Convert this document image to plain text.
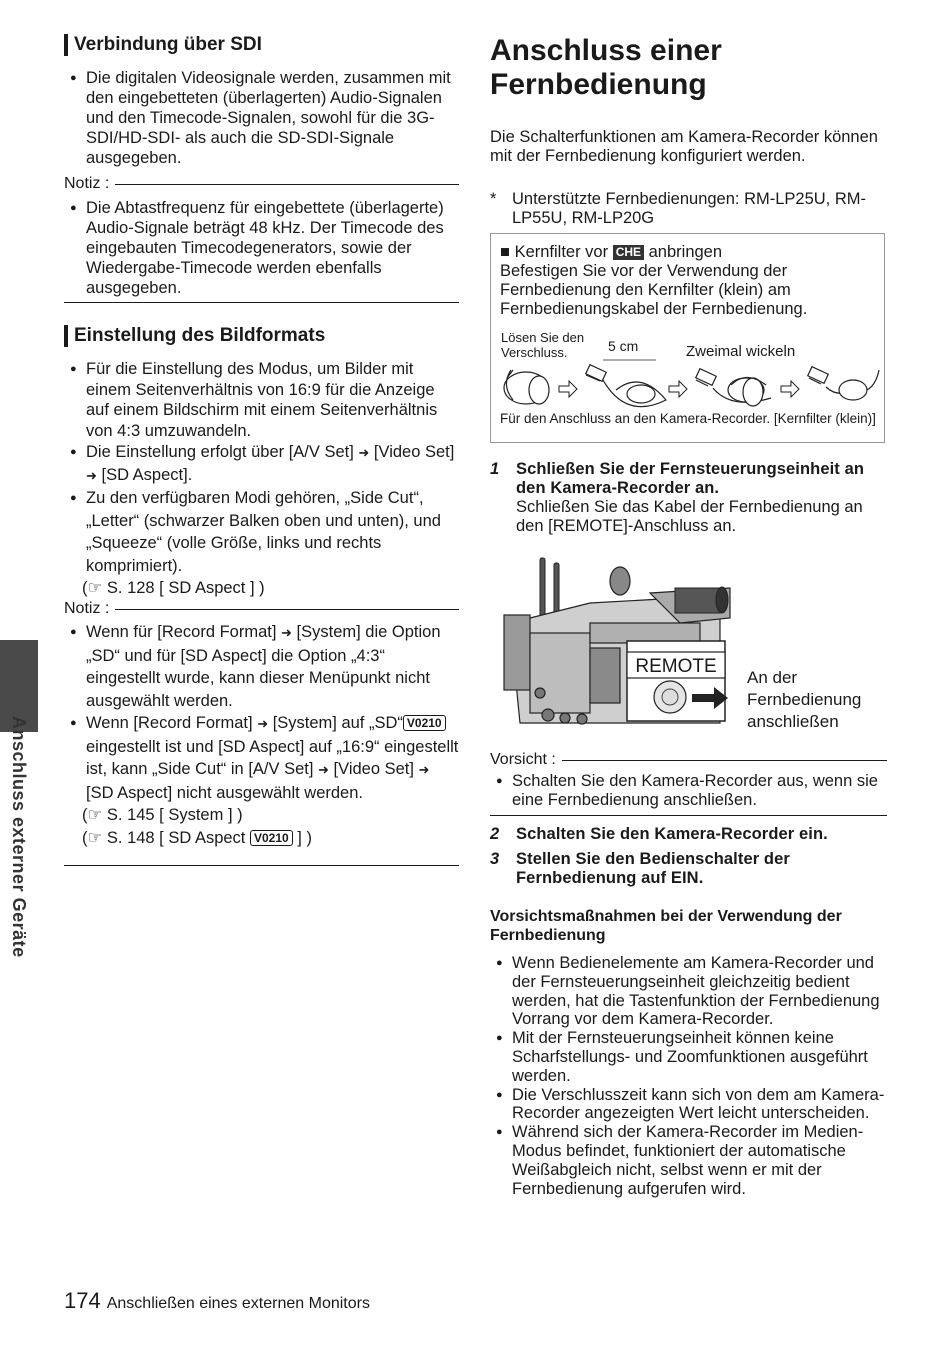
Anschluss externer Geräte
Verbindung über SDI
● Die digitalen Videosignale werden, zusammen mit den eingebetteten (überlagerten) Audio-Signalen und den Timecode-Signalen, sowohl für die 3G-SDI/HD-SDI- als auch die SD-SDI-Signale ausgegeben.
Notiz :
● Die Abtastfrequenz für eingebettete (überlagerte) Audio-Signale beträgt 48 kHz. Der Timecode des eingebauten Timecodegenerators, sowie der Wiedergabe-Timecode werden ebenfalls ausgegeben.
Einstellung des Bildformats
● Für die Einstellung des Modus, um Bilder mit einem Seitenverhältnis von 16:9 für die Anzeige auf einem Bildschirm mit einem Seitenverhältnis von 4:3 umzuwandeln.
● Die Einstellung erfolgt über [A/V Set] ➜ [Video Set] ➜ [SD Aspect].
● Zu den verfügbaren Modi gehören, „Side Cut“, „Letter“ (schwarzer Balken oben und unten), und „Squeeze“ (volle Größe, links und rechts komprimiert).
(☞ S. 128 [ SD Aspect ] )
Notiz :
● Wenn für [Record Format] ➜ [System] die Option „SD“ und für [SD Aspect] die Option „4:3“ eingestellt wurde, kann dieser Menüpunkt nicht ausgewählt werden.
● Wenn [Record Format] ➜ [System] auf „SD“ V0210 eingestellt ist und [SD Aspect] auf „16:9“ eingestellt ist, kann „Side Cut“ in [A/V Set] ➜ [Video Set] ➜ [SD Aspect] nicht ausgewählt werden.
(☞ S. 145 [ System ] )
(☞ S. 148 [ SD Aspect V0210 ] )
Anschluss einer
Fernbedienung
Die Schalterfunktionen am Kamera-Recorder können mit der Fernbedienung konfiguriert werden.
* Unterstützte Fernbedienungen: RM-LP25U, RM-LP55U, RM-LP20G
■ Kernfilter vor CHE anbringen
Befestigen Sie vor der Verwendung der Fernbedienung den Kernfilter (klein) am Fernbedienungskabel der Fernbedienung.
Lösen Sie den
Verschluss.	5 cm	Zweimal wickeln
Für den Anschluss an den Kamera-Recorder. [Kernfilter (klein)]
1 Schließen Sie der Fernsteuerungseinheit an den Kamera-Recorder an.
Schließen Sie das Kabel der Fernbedienung an den [REMOTE]-Anschluss an.
REMOTE
An der
Fernbedienung
anschließen
Vorsicht :
● Schalten Sie den Kamera-Recorder aus, wenn sie eine Fernbedienung anschließen.
2 Schalten Sie den Kamera-Recorder ein.
3 Stellen Sie den Bedienschalter der Fernbedienung auf EIN.
Vorsichtsmaßnahmen bei der Verwendung der Fernbedienung
● Wenn Bedienelemente am Kamera-Recorder und der Fernsteuerungseinheit gleichzeitig bedient werden, hat die Tastenfunktion der Fernbedienung Vorrang vor dem Kamera-Recorder.
● Mit der Fernsteuerungseinheit können keine Scharfstellungs- und Zoomfunktionen ausgeführt werden.
● Die Verschlusszeit kann sich von dem am Kamera-Recorder angezeigten Wert leicht unterscheiden.
● Während sich der Kamera-Recorder im Medien-Modus befindet, funktioniert der automatische Weißabgleich nicht, selbst wenn er mit der Fernbedienung aufgerufen wird.
174 Anschließen eines externen Monitors
